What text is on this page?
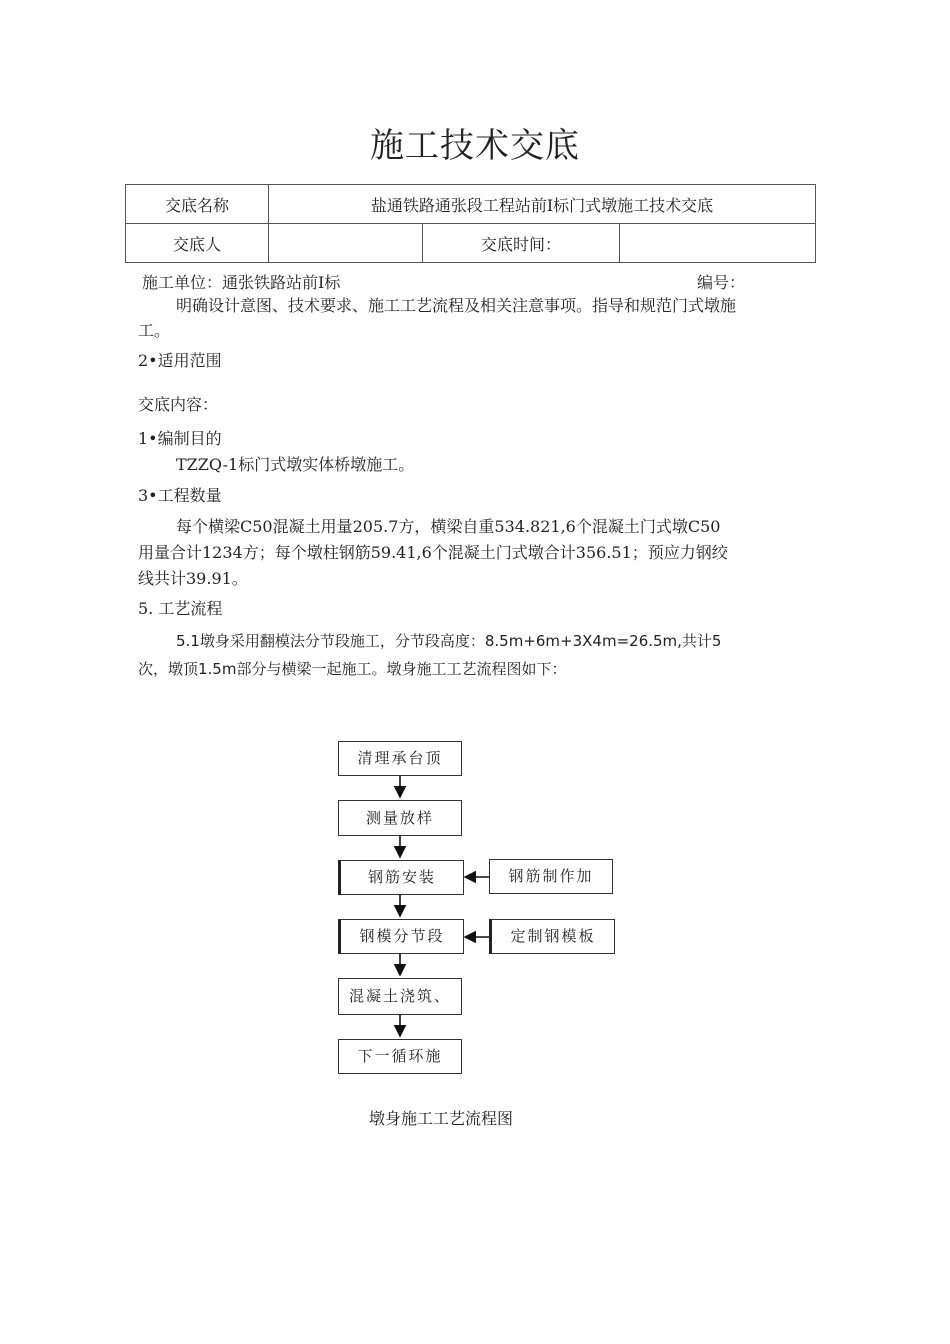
施工技术交底
交底名称	盐通铁路通张段工程站前Ⅰ标门式墩施工技术交底		
交底人		交底时间：	
施工单位：通张铁路站前Ⅰ标	编号：
明确设计意图、技术要求、施工工艺流程及相关注意事项。指导和规范门式墩施
工。
2•适用范围
交底内容：
1•编制目的
TZZQ-1标门式墩实体桥墩施工。
3•工程数量
每个横梁C50混凝土用量205.7方，横梁自重534.821,6个混凝土门式墩C50
用量合计1234方；每个墩柱钢筋59.41,6个混凝土门式墩合计356.51；预应力钢绞
线共计39.91。
5. 工艺流程
5.1墩身采用翻模法分节段施工，分节段高度：8.5m+6m+3X4m=26.5m,共计5
次，墩顶1.5m部分与横梁一起施工。墩身施工工艺流程图如下：
清理承台顶
测量放样
钢筋安装
钢模分节段
混凝土浇筑、
下一循环施
钢筋制作加
定制钢模板
墩身施工工艺流程图
